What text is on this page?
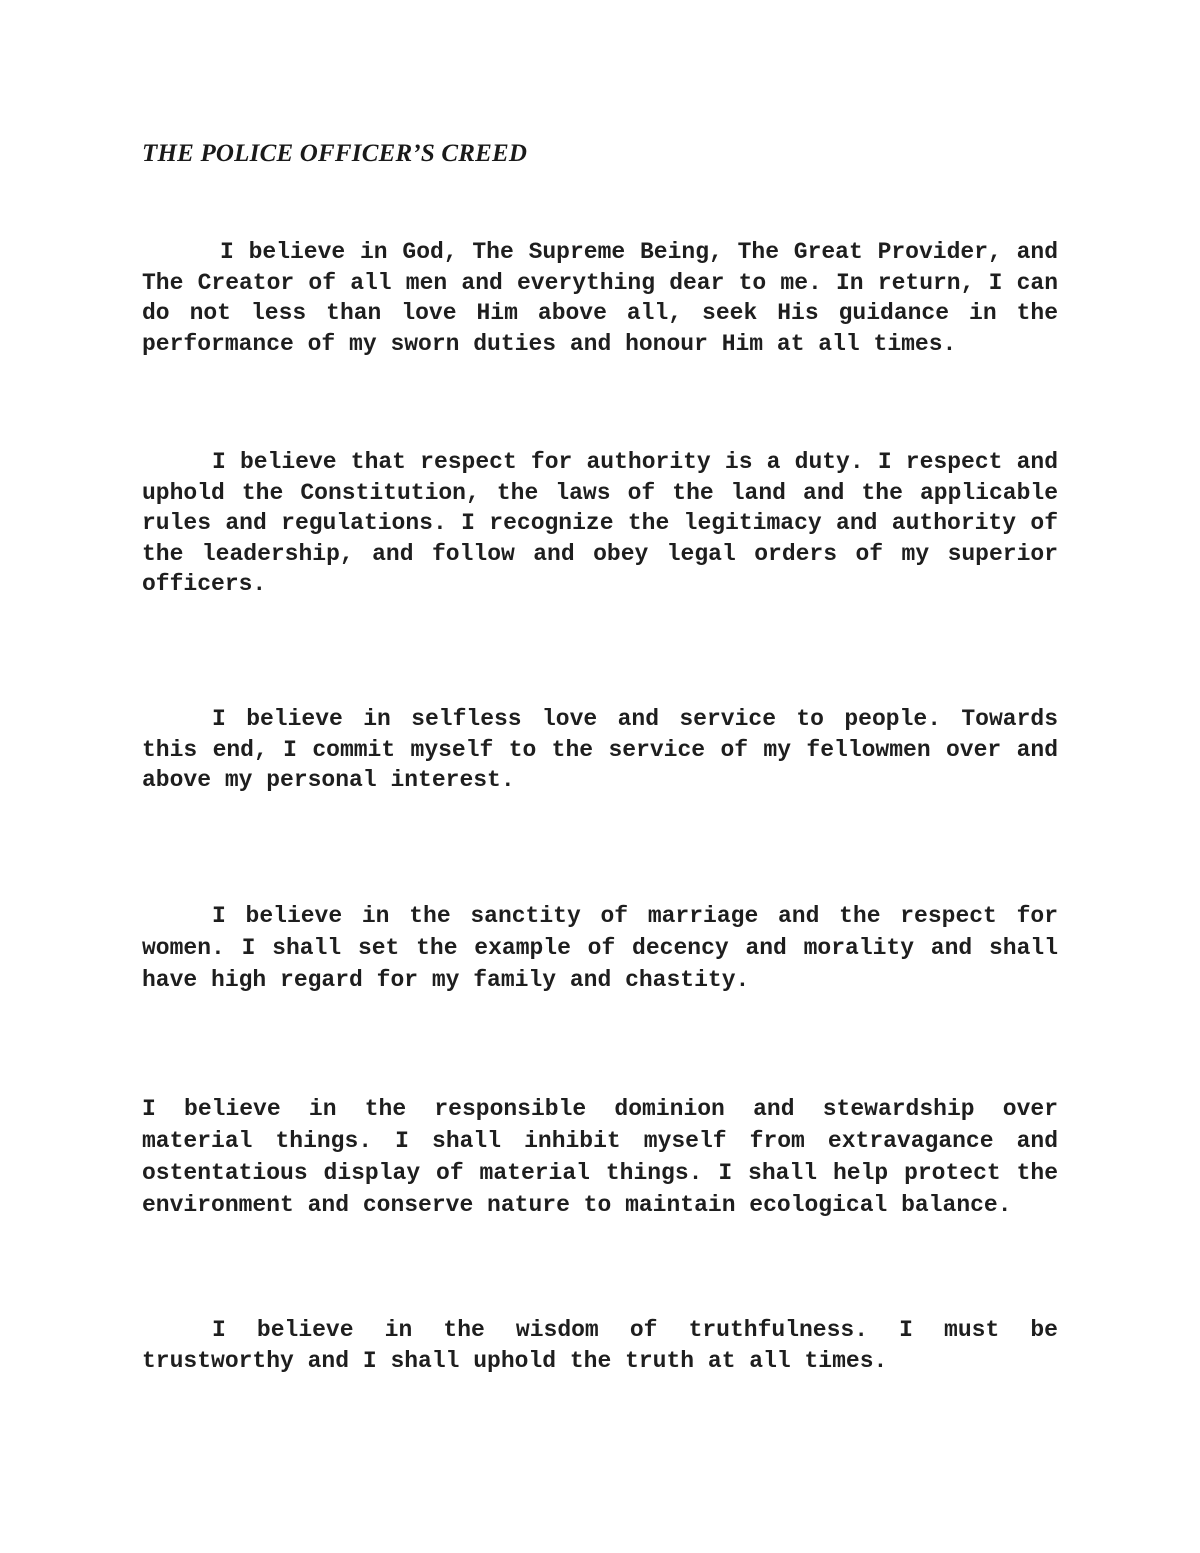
THE POLICE OFFICER’S CREED

I believe in God, The Supreme Being, The Great Provider, and The Creator of all men and everything dear to me. In return, I can do not less than love Him above all, seek His guidance in the performance of my sworn duties and honour Him at all times.

I believe that respect for authority is a duty. I respect and uphold the Constitution, the laws of the land and the applicable rules and regulations. I recognize the legitimacy and authority of the leadership, and follow and obey legal orders of my superior officers.

I believe in selfless love and service to people. Towards this end, I commit myself to the service of my fellowmen over and above my personal interest.

I believe in the sanctity of marriage and the respect for women. I shall set the example of decency and morality and shall have high regard for my family and chastity.

I believe in the responsible dominion and stewardship over material things. I shall inhibit myself from extravagance and ostentatious display of material things. I shall help protect the environment and conserve nature to maintain ecological balance.

I believe in the wisdom of truthfulness. I must be trustworthy and I shall uphold the truth at all times.
